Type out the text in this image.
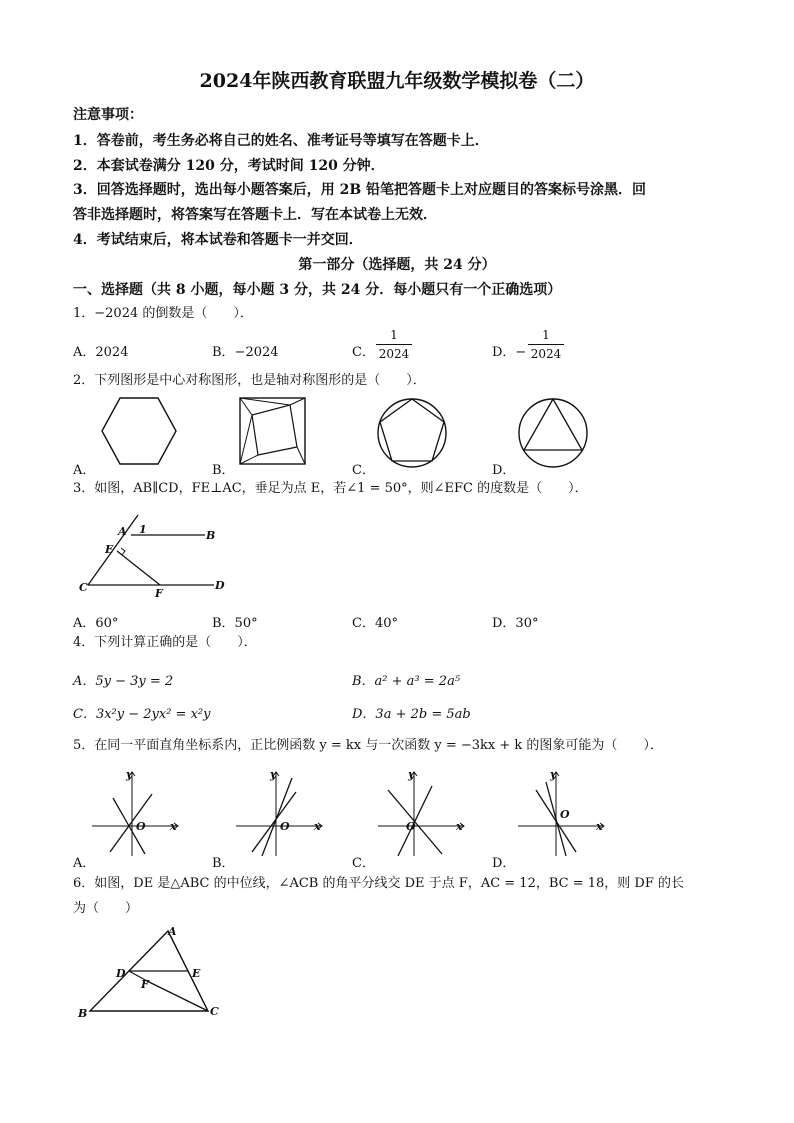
2024年陕西教育联盟九年级数学模拟卷（二）
注意事项：
1．答卷前，考生务必将自己的姓名、准考证号等填写在答题卡上．
2．本套试卷满分 120 分，考试时间 120 分钟．
3．回答选择题时，选出每小题答案后，用 2B 铅笔把答题卡上对应题目的答案标号涂黑．回
答非选择题时，将答案写在答题卡上．写在本试卷上无效．
4．考试结束后，将本试卷和答题卡一并交回．
第一部分（选择题，共 24 分）
一、选择题（共 8 小题，每小题 3 分，共 24 分．每小题只有一个正确选项）
1．−2024 的倒数是（　　）．
A．2024	B．−2024	C． $\frac{1}{2024}$	D．− $\frac{1}{2024}$
2．下列图形是中心对称图形，也是轴对称图形的是（　　）．
A．	B．	C．	D．
3．如图，AB∥CD，FE⊥AC，垂足为点 E，若∠1 = 50°，则∠EFC 的度数是（　　）．
A 1	B
E
C	F
D
A．60°	B．50°	C．40°	D．30°
4．下列计算正确的是（　　）．
A．5y − 3y = 2	B．a² + a³ = 2a⁵
C．3x²y − 2yx² = x²y	D．3a + 2b = 5ab
5．在同一平面直角坐标系内，正比例函数 y = kx 与一次函数 y = −3kx + k 的图象可能为（　　）．
y
O x
y
O x
y
O	x
y
O
x
A．	B．	C．	D．
6．如图，DE 是△ABC 的中位线，∠ACB 的角平分线交 DE 于点 F，AC = 12，BC = 18，则 DF 的长
为（　　）
A
D	E
F
B	C
